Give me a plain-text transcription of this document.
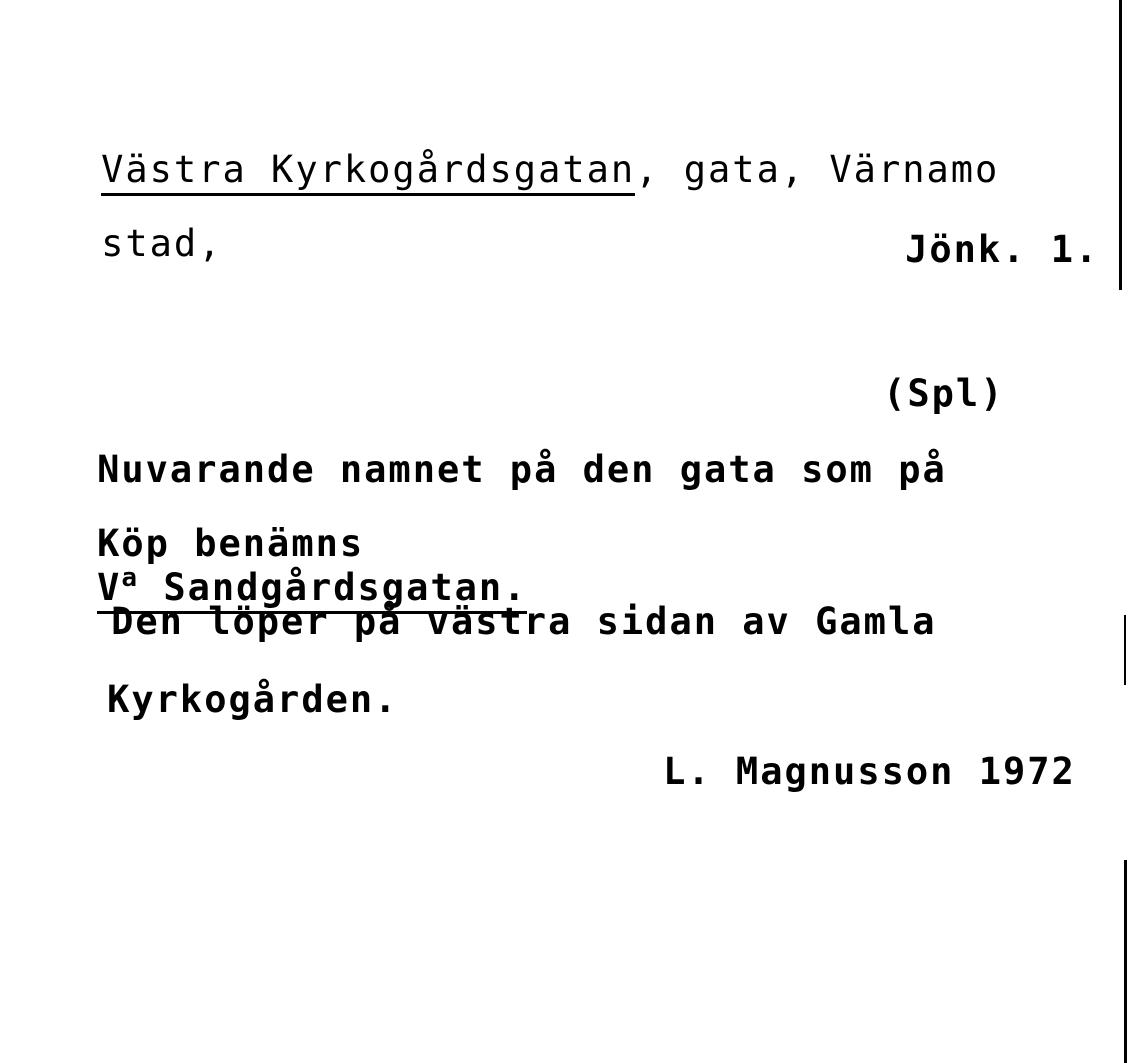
Västra Kyrkogårdsgatan, gata, Värnamo

stad,
	Jönk. 1.

(Spl)

Nuvarande namnet på den gata som på

Köp benämns
$V^a$ Sandgårdsgatan.

Den löper på västra sidan av Gamla

Kyrkogården.

L. Magnusson 1972
